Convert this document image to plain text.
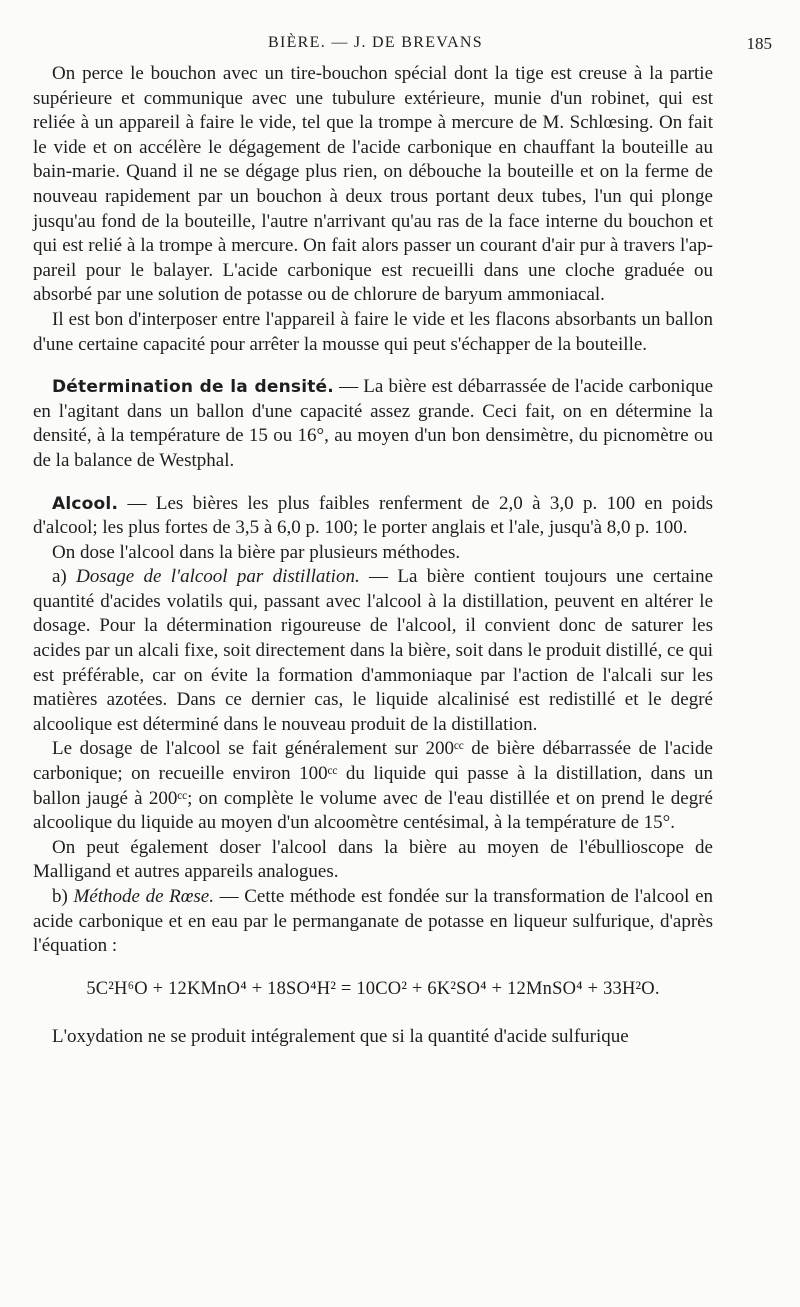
BIÈRE. — J. DE BREVANS	185

On perce le bouchon avec un tire-bouchon spécial dont la tige est creuse à la partie supérieure et communique avec une tubulure extérieure, munie d'un robinet, qui est reliée à un appareil à faire le vide, tel que la trompe à mercure de M. Schlœsing. On fait le vide et on accélère le dégagement de l'acide carbonique en chauffant la bouteille au bain-marie. Quand il ne se dégage plus rien, on débouche la bouteille et on la ferme de nouveau rapidement par un bouchon à deux trous portant deux tubes, l'un qui plonge jusqu'au fond de la bouteille, l'autre n'arrivant qu'au ras de la face interne du bouchon et qui est relié à la trompe à mercure. On fait alors passer un courant d'air pur à travers l'appareil pour le balayer. L'acide carbonique est recueilli dans une cloche graduée ou absorbé par une solution de potasse ou de chlorure de baryum ammoniacal.

Il est bon d'interposer entre l'appareil à faire le vide et les flacons absorbants un ballon d'une certaine capacité pour arrêter la mousse qui peut s'échapper de la bouteille.

Détermination de la densité. — La bière est débarrassée de l'acide carbonique en l'agitant dans un ballon d'une capacité assez grande. Ceci fait, on en détermine la densité, à la température de 15 ou 16°, au moyen d'un bon densimètre, du picnomètre ou de la balance de Westphal.

Alcool. — Les bières les plus faibles renferment de 2,0 à 3,0 p. 100 en poids d'alcool; les plus fortes de 3,5 à 6,0 p. 100; le porter anglais et l'ale, jusqu'à 8,0 p. 100.

On dose l'alcool dans la bière par plusieurs méthodes.

a) Dosage de l'alcool par distillation. — La bière contient toujours une certaine quantité d'acides volatils qui, passant avec l'alcool à la distillation, peuvent en altérer le dosage. Pour la détermination rigoureuse de l'alcool, il convient donc de saturer les acides par un alcali fixe, soit directement dans la bière, soit dans le produit distillé, ce qui est préférable, car on évite la formation d'ammoniaque par l'action de l'alcali sur les matières azotées. Dans ce dernier cas, le liquide alcalinisé est redistillé et le degré alcoolique est déterminé dans le nouveau produit de la distillation.

Le dosage de l'alcool se fait généralement sur 200ᶜᶜ de bière débarrassée de l'acide carbonique; on recueille environ 100ᶜᶜ du liquide qui passe à la distillation, dans un ballon jaugé à 200ᶜᶜ; on complète le volume avec de l'eau distillée et on prend le degré alcoolique du liquide au moyen d'un alcoomètre centésimal, à la température de 15°.

On peut également doser l'alcool dans la bière au moyen de l'ébullioscope de Malligand et autres appareils analogues.

b) Méthode de Rœse. — Cette méthode est fondée sur la transformation de l'alcool en acide carbonique et en eau par le permanganate de potasse en liqueur sulfurique, d'après l'équation :

5C²H⁶O + 12KMnO⁴ + 18SO⁴H² = 10CO² + 6K²SO⁴ + 12MnSO⁴ + 33H²O.

L'oxydation ne se produit intégralement que si la quantité d'acide sulfurique
